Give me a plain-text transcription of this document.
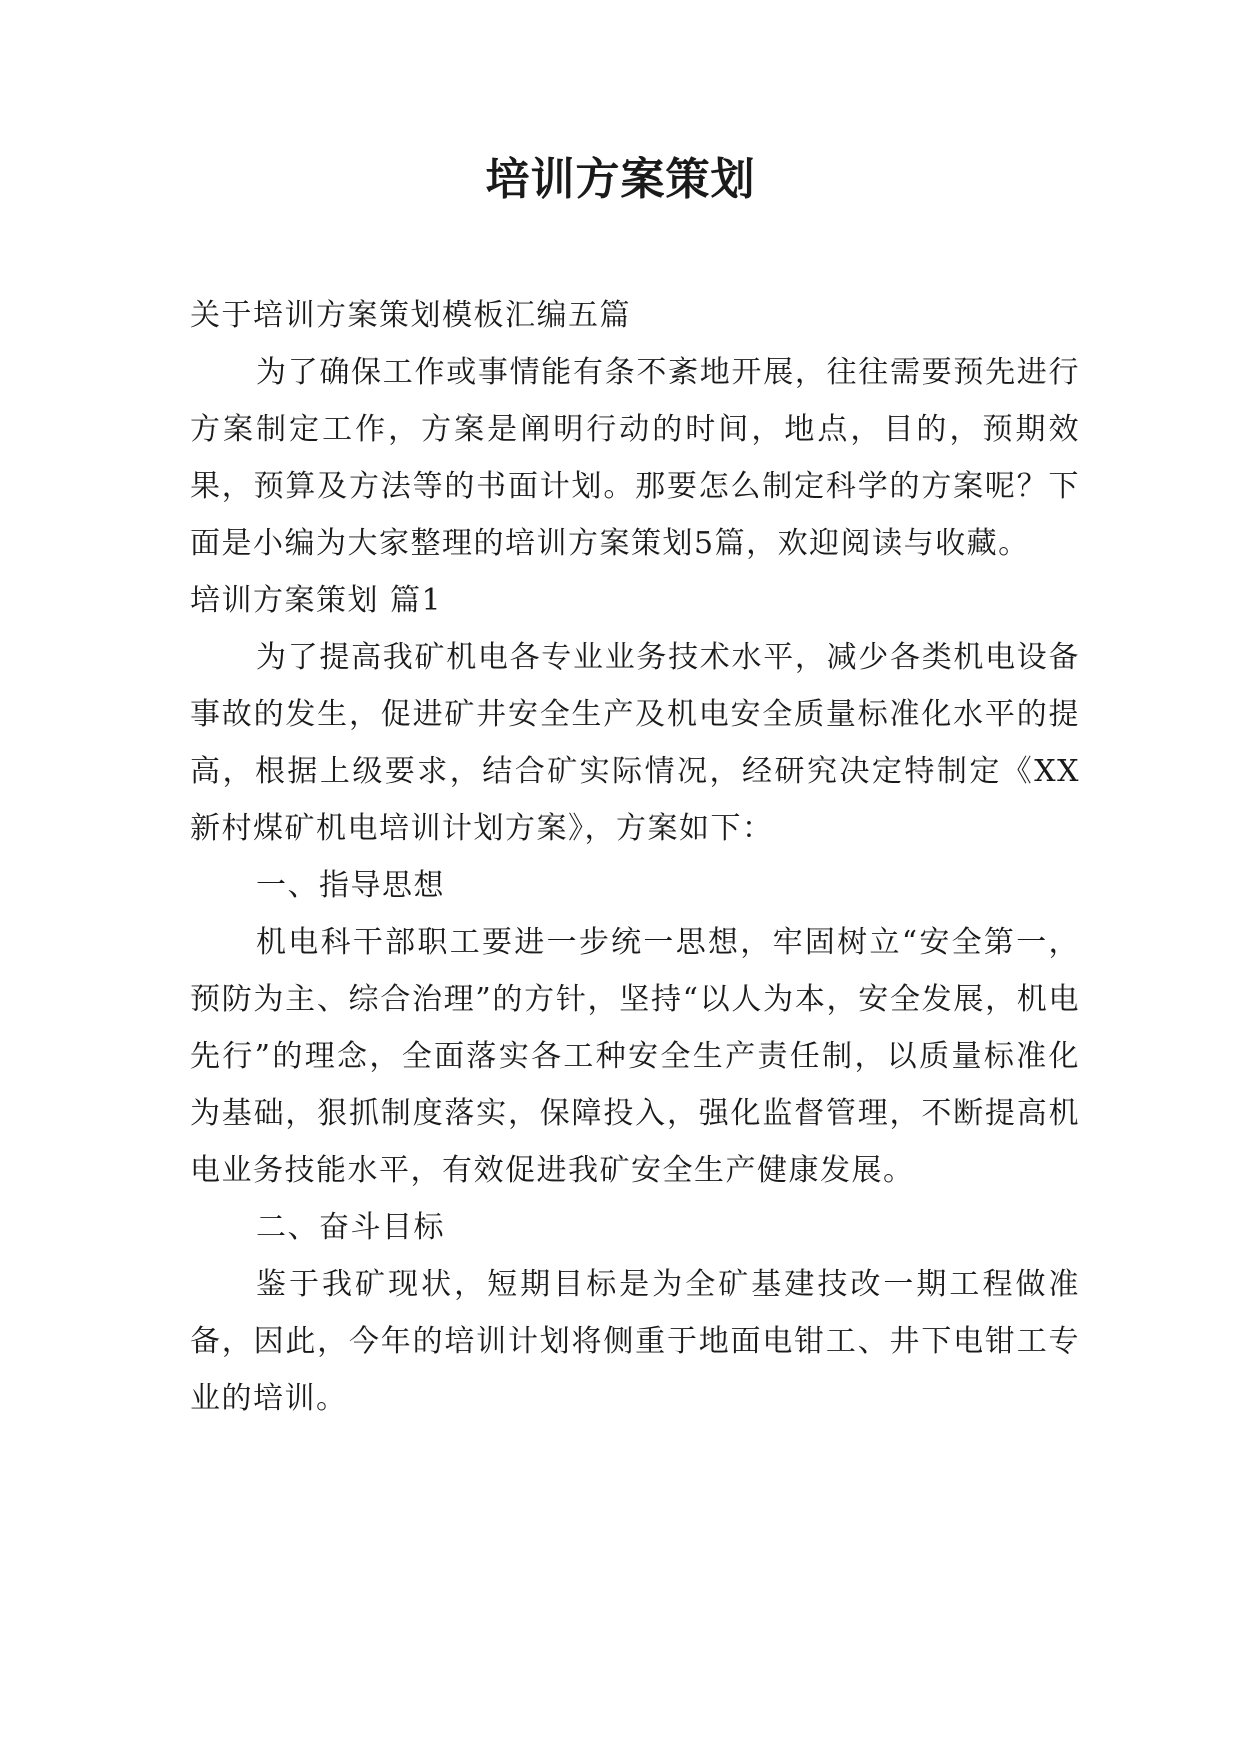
培训方案策划

关于培训方案策划模板汇编五篇

为了确保工作或事情能有条不紊地开展，往往需要预先进行方案制定工作，方案是阐明行动的时间，地点，目的，预期效果，预算及方法等的书面计划。那要怎么制定科学的方案呢？下面是小编为大家整理的培训方案策划5篇，欢迎阅读与收藏。

培训方案策划 篇1

为了提高我矿机电各专业业务技术水平，减少各类机电设备事故的发生，促进矿井安全生产及机电安全质量标准化水平的提高，根据上级要求，结合矿实际情况，经研究决定特制定《XX新村煤矿机电培训计划方案》，方案如下：

一、指导思想

机电科干部职工要进一步统一思想，牢固树立“安全第一，预防为主、综合治理”的方针，坚持“以人为本，安全发展，机电先行”的理念，全面落实各工种安全生产责任制，以质量标准化为基础，狠抓制度落实，保障投入，强化监督管理，不断提高机电业务技能水平，有效促进我矿安全生产健康发展。

二、奋斗目标

鉴于我矿现状，短期目标是为全矿基建技改一期工程做准备，因此，今年的培训计划将侧重于地面电钳工、井下电钳工专业的培训。
